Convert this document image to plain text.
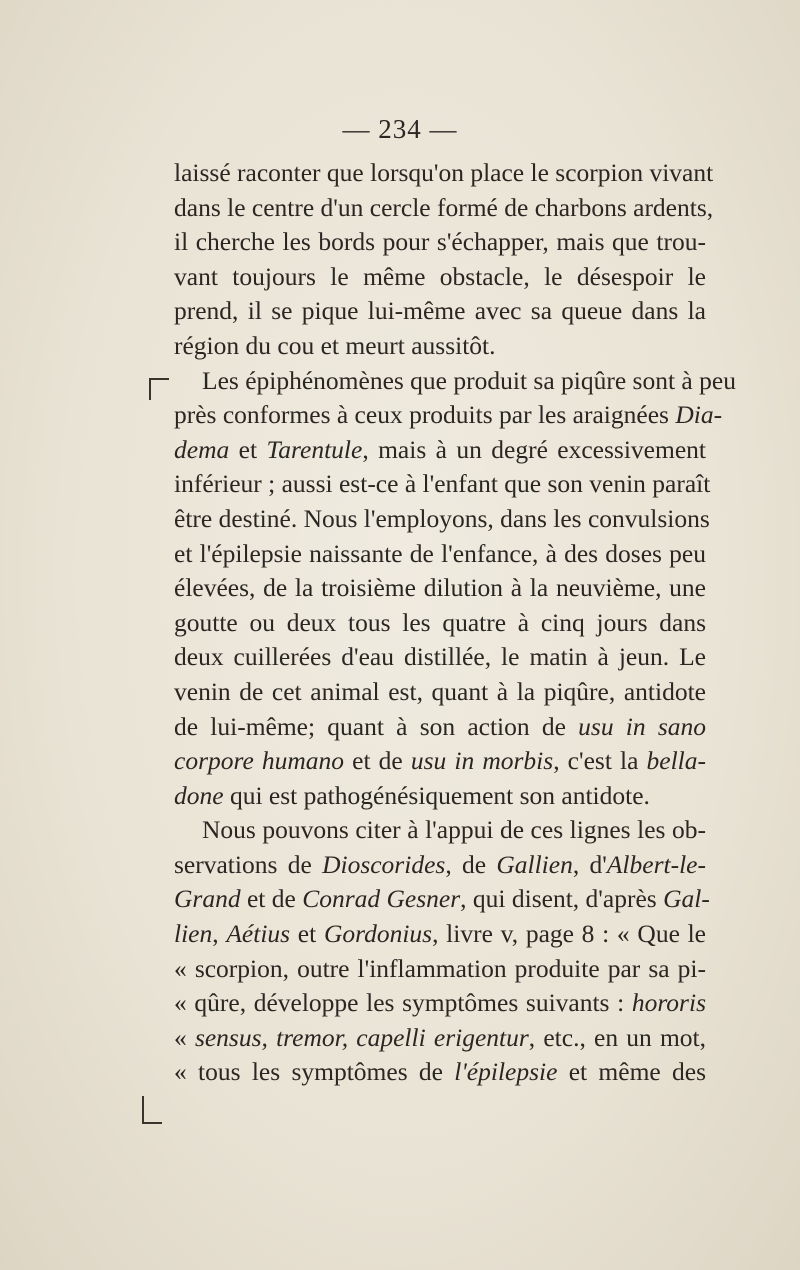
— 234 —
laissé raconter que lorsqu'on place le scorpion vivant
dans le centre d'un cercle formé de charbons ardents,
il cherche les bords pour s'échapper, mais que trou-
vant toujours le même obstacle, le désespoir le
prend, il se pique lui-même avec sa queue dans la
région du cou et meurt aussitôt.
Les épiphénomènes que produit sa piqûre sont à peu
près conformes à ceux produits par les araignées Dia-
dema et Tarentule, mais à un degré excessivement
inférieur ; aussi est-ce à l'enfant que son venin paraît
être destiné. Nous l'employons, dans les convulsions
et l'épilepsie naissante de l'enfance, à des doses peu
élevées, de la troisième dilution à la neuvième, une
goutte ou deux tous les quatre à cinq jours dans
deux cuillerées d'eau distillée, le matin à jeun. Le
venin de cet animal est, quant à la piqûre, antidote
de lui-même; quant à son action de usu in sano
corpore humano et de usu in morbis, c'est la bella-
done qui est pathogénésiquement son antidote.
Nous pouvons citer à l'appui de ces lignes les ob-
servations de Dioscorides, de Gallien, d'Albert-le-
Grand et de Conrad Gesner, qui disent, d'après Gal-
lien, Aétius et Gordonius, livre v, page 8 : « Que le
« scorpion, outre l'inflammation produite par sa pi-
« qûre, développe les symptômes suivants : hororis
« sensus, tremor, capelli erigentur, etc., en un mot,
« tous les symptômes de l'épilepsie et même des
